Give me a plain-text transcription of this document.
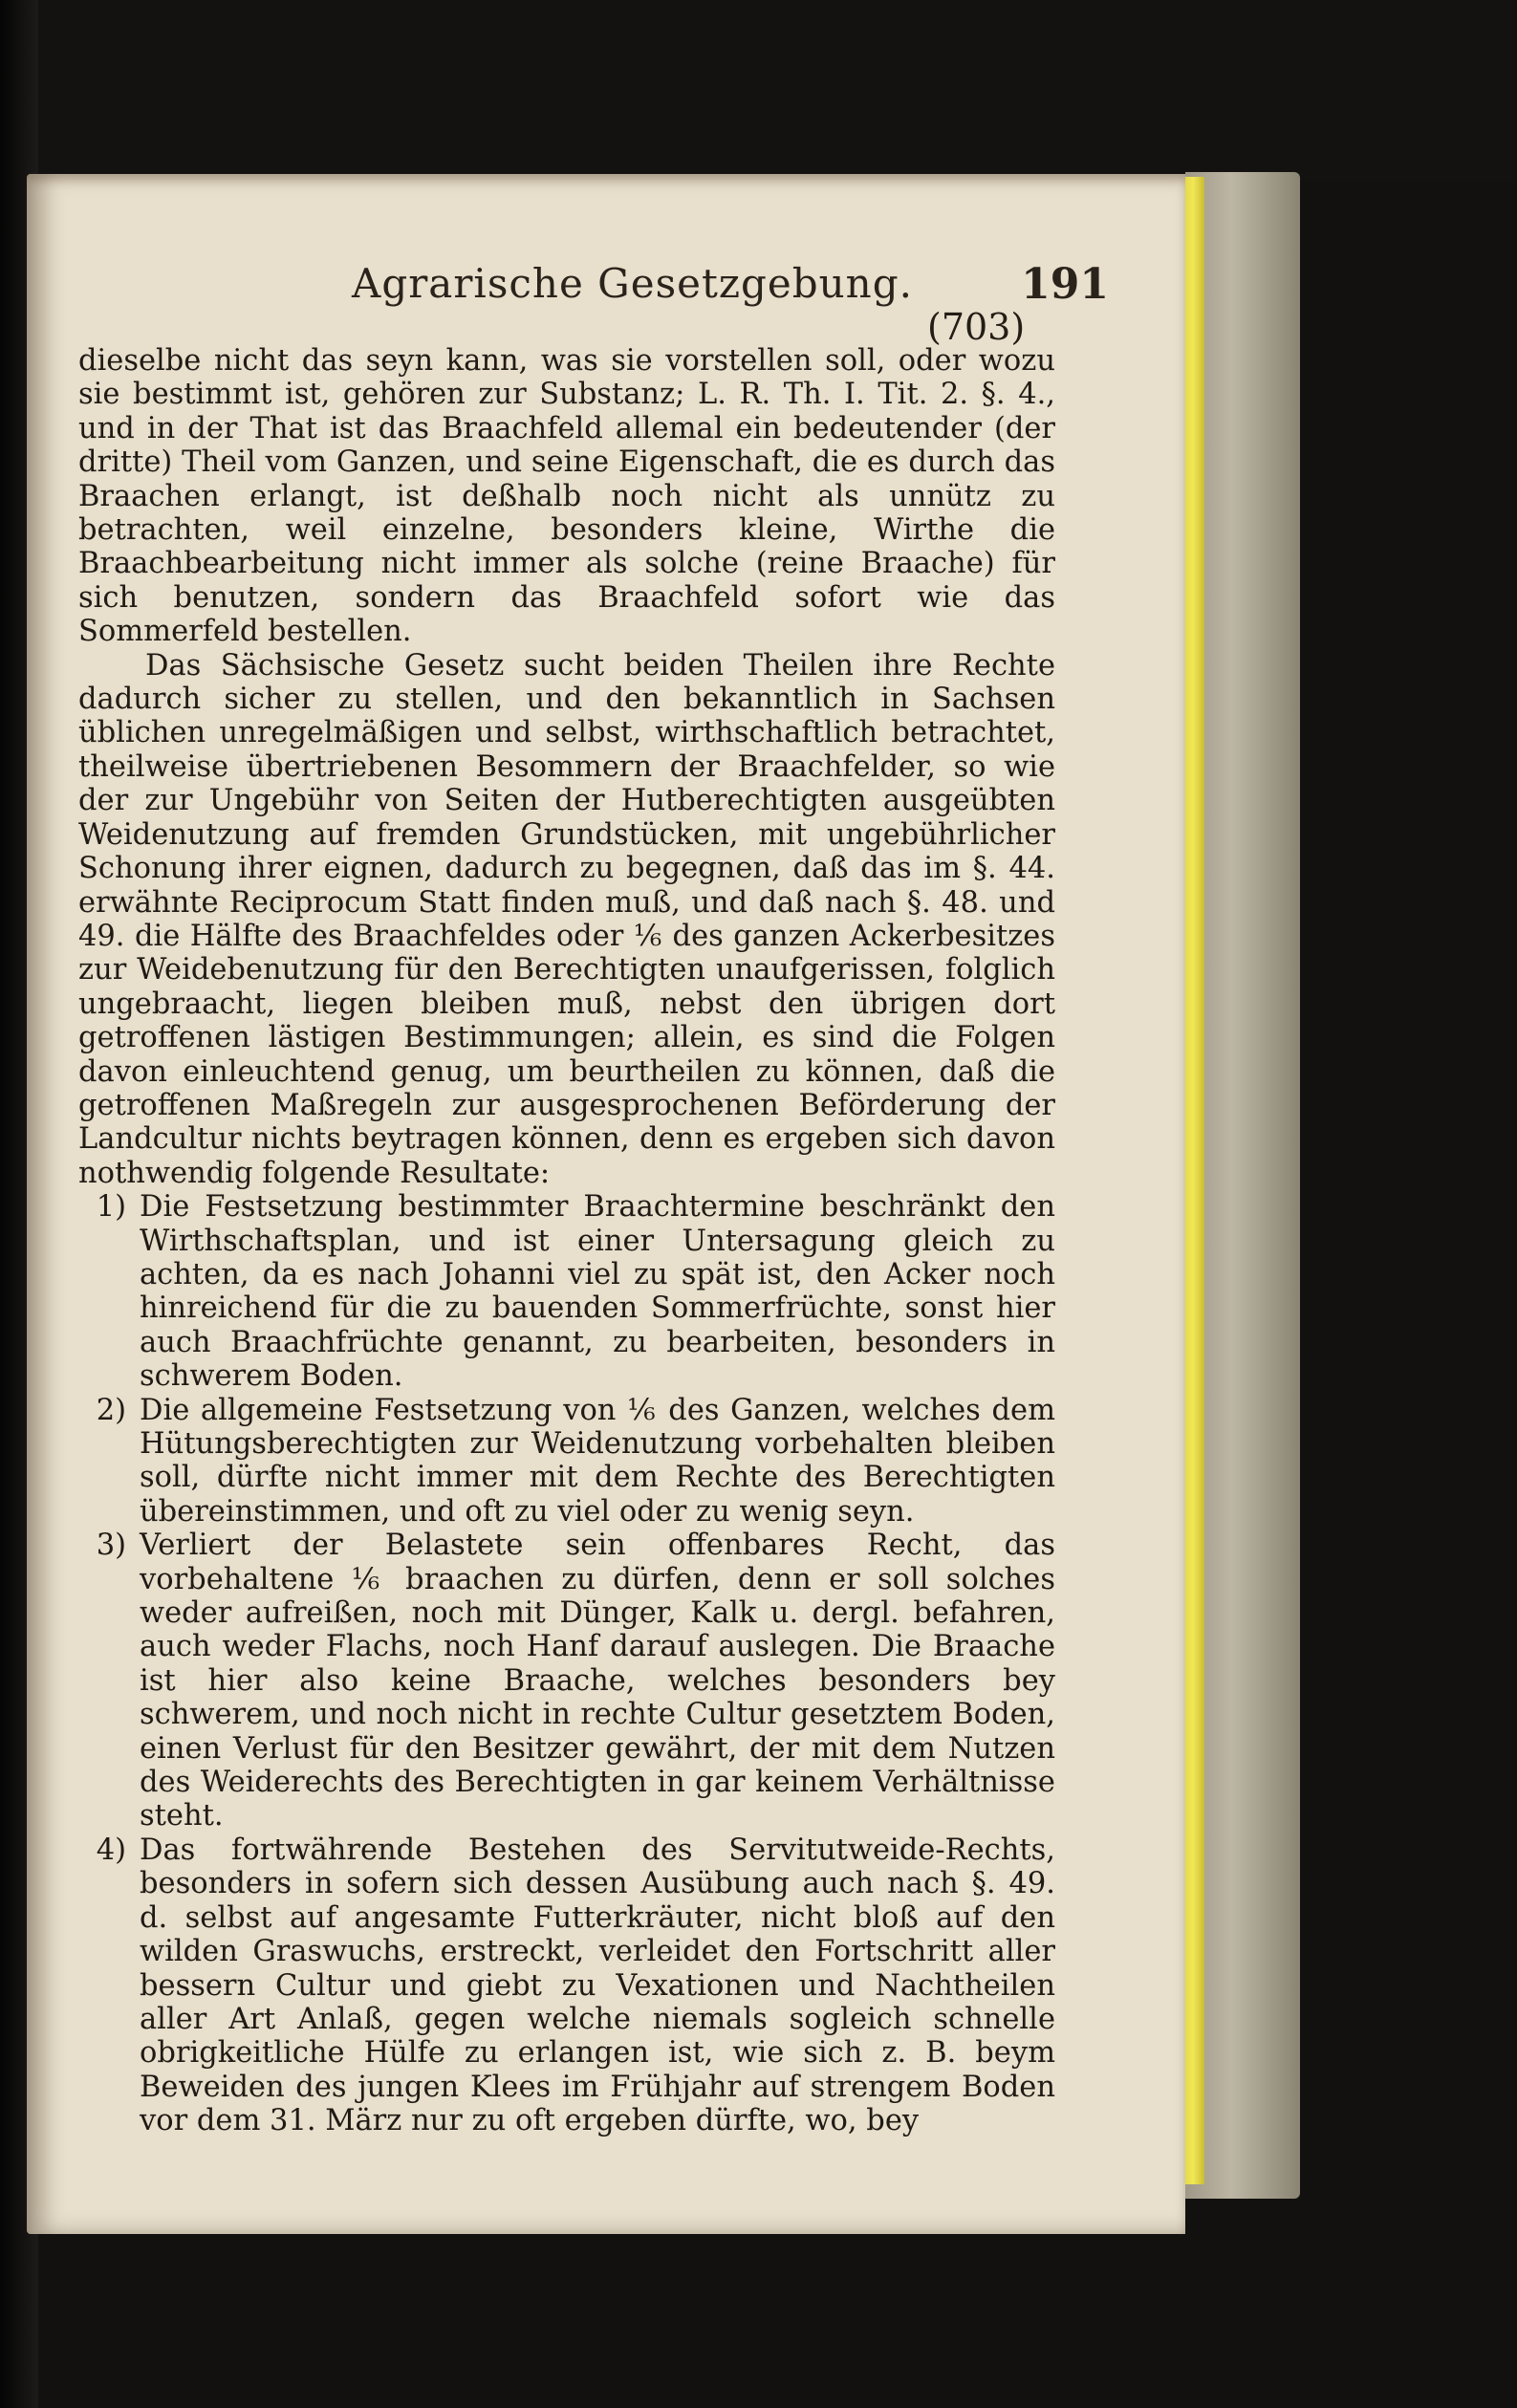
Agrarische Gesetzgebung.	191
(703)

dieselbe nicht das seyn kann, was sie vorstellen soll, oder wozu sie bestimmt ist, gehören zur Substanz; L. R. Th. I. Tit. 2. §. 4., und in der That ist das Braachfeld allemal ein bedeutender (der dritte) Theil vom Ganzen, und seine Eigenschaft, die es durch das Braachen erlangt, ist deßhalb noch nicht als unnütz zu betrachten, weil einzelne, besonders kleine, Wirthe die Braachbearbeitung nicht immer als solche (reine Braache) für sich benutzen, sondern das Braachfeld sofort wie das Sommerfeld bestellen.

Das Sächsische Gesetz sucht beiden Theilen ihre Rechte dadurch sicher zu stellen, und den bekanntlich in Sachsen üblichen unregelmäßigen und selbst, wirthschaftlich betrachtet, theilweise übertriebenen Besommern der Braachfelder, so wie der zur Ungebühr von Seiten der Hutberechtigten ausgeübten Weidenutzung auf fremden Grundstücken, mit ungebührlicher Schonung ihrer eignen, dadurch zu begegnen, daß das im §. 44. erwähnte Reciprocum Statt finden muß, und daß nach §. 48. und 49. die Hälfte des Braachfeldes oder ⅙ des ganzen Ackerbesitzes zur Weidebenutzung für den Berechtigten unaufgerissen, folglich ungebraacht, liegen bleiben muß, nebst den übrigen dort getroffenen lästigen Bestimmungen; allein, es sind die Folgen davon einleuchtend genug, um beurtheilen zu können, daß die getroffenen Maßregeln zur ausgesprochenen Beförderung der Landcultur nichts beytragen können, denn es ergeben sich davon nothwendig folgende Resultate:

1) Die Festsetzung bestimmter Braachtermine beschränkt den Wirthschaftsplan, und ist einer Untersagung gleich zu achten, da es nach Johanni viel zu spät ist, den Acker noch hinreichend für die zu bauenden Sommerfrüchte, sonst hier auch Braachfrüchte genannt, zu bearbeiten, besonders in schwerem Boden.
2) Die allgemeine Festsetzung von ⅙ des Ganzen, welches dem Hütungsberechtigten zur Weidenutzung vorbehalten bleiben soll, dürfte nicht immer mit dem Rechte des Berechtigten übereinstimmen, und oft zu viel oder zu wenig seyn.
3) Verliert der Belastete sein offenbares Recht, das vorbehaltene ⅙ braachen zu dürfen, denn er soll solches weder aufreißen, noch mit Dünger, Kalk u. dergl. befahren, auch weder Flachs, noch Hanf darauf auslegen. Die Braache ist hier also keine Braache, welches besonders bey schwerem, und noch nicht in rechte Cultur gesetztem Boden, einen Verlust für den Besitzer gewährt, der mit dem Nutzen des Weiderechts des Berechtigten in gar keinem Verhältnisse steht.
4) Das fortwährende Bestehen des Servitutweide-Rechts, besonders in sofern sich dessen Ausübung auch nach §. 49. d. selbst auf angesamte Futterkräuter, nicht bloß auf den wilden Graswuchs, erstreckt, verleidet den Fortschritt aller bessern Cultur und giebt zu Vexationen und Nachtheilen aller Art Anlaß, gegen welche niemals sogleich schnelle obrigkeitliche Hülfe zu erlangen ist, wie sich z. B. beym Beweiden des jungen Klees im Frühjahr auf strengem Boden vor dem 31. März nur zu oft ergeben dürfte, wo, bey
